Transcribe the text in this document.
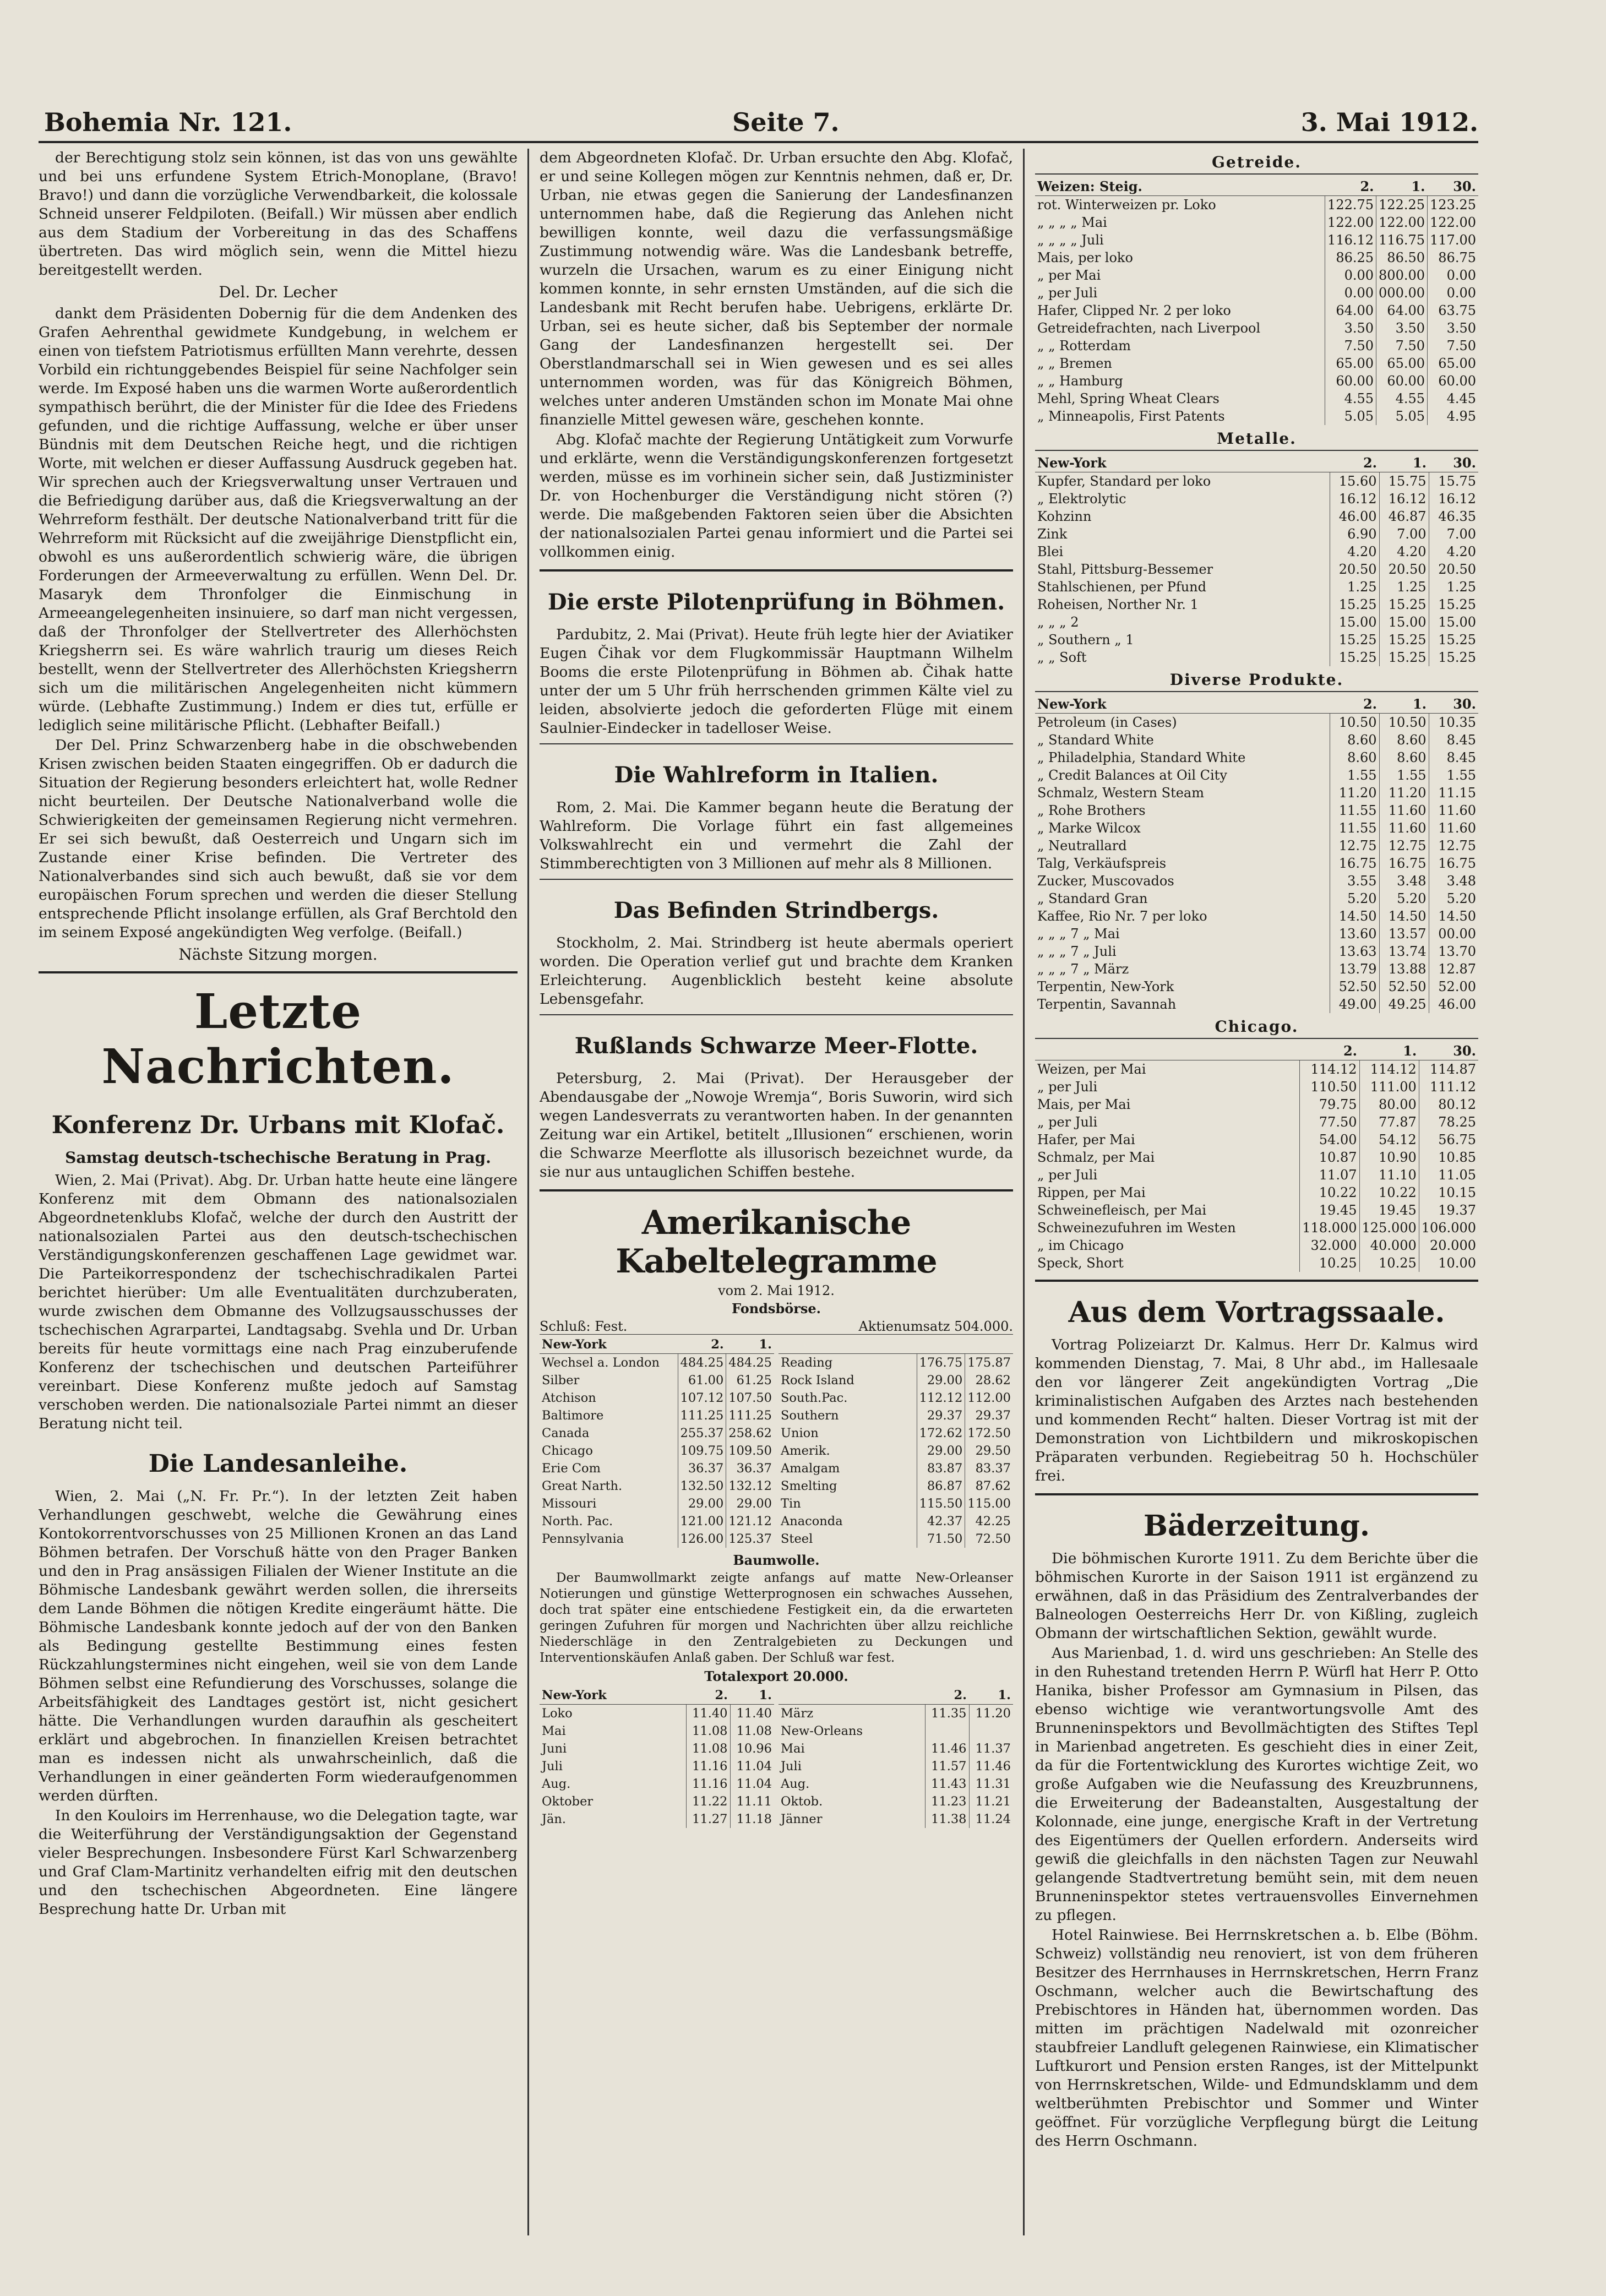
Bohemia Nr. 121.	Seite 7.	3. Mai 1912.

der Berechtigung stolz sein können, ist das von uns gewählte und bei uns erfundene System Etrich-Monoplane, (Bravo! Bravo!) und dann die vorzügliche Verwendbarkeit, die kolossale Schneid unserer Feldpiloten. (Beifall.) Wir müssen aber endlich aus dem Stadium der Vorbereitung in das des Schaffens übertreten. Das wird möglich sein, wenn die Mittel hiezu bereitgestellt werden.

Del. Dr. Lecher

dankt dem Präsidenten Dobernig für die dem Andenken des Grafen Aehrenthal gewidmete Kundgebung, in welchem er einen von tiefstem Patriotismus erfüllten Mann verehrte, dessen Vorbild ein richtunggebendes Beispiel für seine Nachfolger sein werde. Im Exposé haben uns die warmen Worte außerordentlich sympathisch berührt, die der Minister für die Idee des Friedens gefunden, und die richtige Auffassung, welche er über unser Bündnis mit dem Deutschen Reiche hegt, und die richtigen Worte, mit welchen er dieser Auffassung Ausdruck gegeben hat. Wir sprechen auch der Kriegsverwaltung unser Vertrauen und die Befriedigung darüber aus, daß die Kriegsverwaltung an der Wehrreform festhält. Der deutsche Nationalverband tritt für die Wehrreform mit Rücksicht auf die zweijährige Dienstpflicht ein, obwohl es uns außerordentlich schwierig wäre, die übrigen Forderungen der Armeeverwaltung zu erfüllen. Wenn Del. Dr. Masaryk dem Thronfolger die Einmischung in Armeeangelegenheiten insinuiere, so darf man nicht vergessen, daß der Thronfolger der Stellvertreter des Allerhöchsten Kriegsherrn sei. Es wäre wahrlich traurig um dieses Reich bestellt, wenn der Stellvertreter des Allerhöchsten Kriegsherrn sich um die militärischen Angelegenheiten nicht kümmern würde. (Lebhafte Zustimmung.) Indem er dies tut, erfülle er lediglich seine militärische Pflicht. (Lebhafter Beifall.)

Der Del. Prinz Schwarzenberg habe in die obschwebenden Krisen zwischen beiden Staaten eingegriffen. Ob er dadurch die Situation der Regierung besonders erleichtert hat, wolle Redner nicht beurteilen. Der Deutsche Nationalverband wolle die Schwierigkeiten der gemeinsamen Regierung nicht vermehren. Er sei sich bewußt, daß Oesterreich und Ungarn sich im Zustande einer Krise befinden. Die Vertreter des Nationalverbandes sind sich auch bewußt, daß sie vor dem europäischen Forum sprechen und werden die dieser Stellung entsprechende Pflicht insolange erfüllen, als Graf Berchtold den im seinem Exposé angekündigten Weg verfolge. (Beifall.)

Nächste Sitzung morgen.
Letzte Nachrichten.
Konferenz Dr. Urbans mit Klofač.
Samstag deutsch-tschechische Beratung in Prag.

Wien, 2. Mai (Privat). Abg. Dr. Urban hatte heute eine längere Konferenz mit dem Obmann des nationalsozialen Abgeordnetenklubs Klofač, welche der durch den Austritt der nationalsozialen Partei aus den deutsch-tschechischen Verständigungskonferenzen geschaffenen Lage gewidmet war. Die Parteikorrespondenz der tschechischradikalen Partei berichtet hierüber: Um alle Eventualitäten durchzuberaten, wurde zwischen dem Obmanne des Vollzugsausschusses der tschechischen Agrarpartei, Landtagsabg. Svehla und Dr. Urban bereits für heute vormittags eine nach Prag einzuberufende Konferenz der tschechischen und deutschen Parteiführer vereinbart. Diese Konferenz mußte jedoch auf Samstag verschoben werden. Die nationalsoziale Partei nimmt an dieser Beratung nicht teil.

Die Landesanleihe.

Wien, 2. Mai („N. Fr. Pr.“). In der letzten Zeit haben Verhandlungen geschwebt, welche die Gewährung eines Kontokorrentvorschusses von 25 Millionen Kronen an das Land Böhmen betrafen. Der Vorschuß hätte von den Prager Banken und den in Prag ansässigen Filialen der Wiener Institute an die Böhmische Landesbank gewährt werden sollen, die ihrerseits dem Lande Böhmen die nötigen Kredite eingeräumt hätte. Die Böhmische Landesbank konnte jedoch auf der von den Banken als Bedingung gestellte Bestimmung eines festen Rückzahlungstermines nicht eingehen, weil sie von dem Lande Böhmen selbst eine Refundierung des Vorschusses, solange die Arbeitsfähigkeit des Landtages gestört ist, nicht gesichert hätte. Die Verhandlungen wurden daraufhin als gescheitert erklärt und abgebrochen. In finanziellen Kreisen betrachtet man es indessen nicht als unwahrscheinlich, daß die Verhandlungen in einer geänderten Form wiederaufgenommen werden dürften.

In den Kouloirs im Herrenhause, wo die Delegation tagte, war die Weiterführung der Verständigungsaktion der Gegenstand vieler Besprechungen. Insbesondere Fürst Karl Schwarzenberg und Graf Clam-Martinitz verhandelten eifrig mit den deutschen und den tschechischen Abgeordneten. Eine längere Besprechung hatte Dr. Urban mit

dem Abgeordneten Klofač. Dr. Urban ersuchte den Abg. Klofač, er und seine Kollegen mögen zur Kenntnis nehmen, daß er, Dr. Urban, nie etwas gegen die Sanierung der Landesfinanzen unternommen habe, daß die Regierung das Anlehen nicht bewilligen konnte, weil dazu die verfassungsmäßige Zustimmung notwendig wäre. Was die Landesbank betreffe, wurzeln die Ursachen, warum es zu einer Einigung nicht kommen konnte, in sehr ernsten Umständen, auf die sich die Landesbank mit Recht berufen habe. Uebrigens, erklärte Dr. Urban, sei es heute sicher, daß bis September der normale Gang der Landesfinanzen hergestellt sei. Der Oberstlandmarschall sei in Wien gewesen und es sei alles unternommen worden, was für das Königreich Böhmen, welches unter anderen Umständen schon im Monate Mai ohne finanzielle Mittel gewesen wäre, geschehen konnte.

Abg. Klofač machte der Regierung Untätigkeit zum Vorwurfe und erklärte, wenn die Verständigungskonferenzen fortgesetzt werden, müsse es im vorhinein sicher sein, daß Justizminister Dr. von Hochenburger die Verständigung nicht stören (?) werde. Die maßgebenden Faktoren seien über die Absichten der nationalsozialen Partei genau informiert und die Partei sei vollkommen einig.

Die erste Pilotenprüfung in Böhmen.

Pardubitz, 2. Mai (Privat). Heute früh legte hier der Aviatiker Eugen Čihak vor dem Flugkommissär Hauptmann Wilhelm Booms die erste Pilotenprüfung in Böhmen ab. Čihak hatte unter der um 5 Uhr früh herrschenden grimmen Kälte viel zu leiden, absolvierte jedoch die geforderten Flüge mit einem Saulnier-Eindecker in tadelloser Weise.

Die Wahlreform in Italien.

Rom, 2. Mai. Die Kammer begann heute die Beratung der Wahlreform. Die Vorlage führt ein fast allgemeines Volkswahlrecht ein und vermehrt die Zahl der Stimmberechtigten von 3 Millionen auf mehr als 8 Millionen.

Das Befinden Strindbergs.

Stockholm, 2. Mai. Strindberg ist heute abermals operiert worden. Die Operation verlief gut und brachte dem Kranken Erleichterung. Augenblicklich besteht keine absolute Lebensgefahr.

Rußlands Schwarze Meer-Flotte.

Petersburg, 2. Mai (Privat). Der Herausgeber der Abendausgabe der „Nowoje Wremja“, Boris Suworin, wird sich wegen Landesverrats zu verantworten haben. In der genannten Zeitung war ein Artikel, betitelt „Illusionen“ erschienen, worin die Schwarze Meerflotte als illusorisch bezeichnet wurde, da sie nur aus untauglichen Schiffen bestehe.

Amerikanische Kabeltelegramme
vom 2. Mai 1912.
Fondsbörse.
Schluß: Fest.	Aktienumsatz 504.000.
New-York	2.	1.
Wechsel a. London	484.25	484.25
Silber	61.00	61.25
Atchison	107.12	107.50
Baltimore	111.25	111.25
Canada	255.37	258.62
Chicago	109.75	109.50
Erie Com	36.37	36.37
Great Narth.	132.50	132.12
Missouri	29.00	29.00
North. Pac.	121.00	121.12
Pennsylvania	126.00	125.37

Reading	176.75	175.87
Rock Island	29.00	28.62
South.Pac.	112.12	112.00
Southern	29.37	29.37
Union	172.62	172.50
Amerik.	29.00	29.50
Amalgam	83.87	83.37
Smelting	86.87	87.62
Tin	115.50	115.00
Anaconda	42.37	42.25
Steel	71.50	72.50
Baumwolle.

Der Baumwollmarkt zeigte anfangs auf matte New-Orleanser Notierungen und günstige Wetterprognosen ein schwaches Aussehen, doch trat später eine entschiedene Festigkeit ein, da die erwarteten geringen Zufuhren für morgen und Nachrichten über allzu reichliche Niederschläge in den Zentralgebieten zu Deckungen und Interventionskäufen Anlaß gaben. Der Schluß war fest.

Totalexport 20.000.
New-York	2.	1.
Loko	11.40	11.40
Mai	11.08	11.08
Juni	11.08	10.96
Juli	11.16	11.04
Aug.	11.16	11.04
Oktober	11.22	11.11
Jän.	11.27	11.18
	2.	1.
März	11.35	11.20
New-Orleans		
Mai	11.46	11.37
Juli	11.57	11.46
Aug.	11.43	11.31
Oktob.	11.23	11.21
Jänner	11.38	11.24
Getreide.
Weizen: Steig.	2.	1.	30.
rot. Winterweizen pr. Loko	122.75	122.25	123.25
„ „ „ „ Mai	122.00	122.00	122.00
„ „ „ „ Juli	116.12	116.75	117.00
Mais, per loko	86.25	86.50	86.75
„ per Mai	0.00	800.00	0.00
„ per Juli	0.00	000.00	0.00
Hafer, Clipped Nr. 2 per loko	64.00	64.00	63.75
Getreidefrachten, nach Liverpool	3.50	3.50	3.50
„ „ Rotterdam	7.50	7.50	7.50
„ „ Bremen	65.00	65.00	65.00
„ „ Hamburg	60.00	60.00	60.00
Mehl, Spring Wheat Clears	4.55	4.55	4.45
„ Minneapolis, First Patents	5.05	5.05	4.95
Metalle.
New-York	2.	1.	30.
Kupfer, Standard per loko	15.60	15.75	15.75
„ Elektrolytic	16.12	16.12	16.12
Kohzinn	46.00	46.87	46.35
Zink	6.90	7.00	7.00
Blei	4.20	4.20	4.20
Stahl, Pittsburg-Bessemer	20.50	20.50	20.50
Stahlschienen, per Pfund	1.25	1.25	1.25
Roheisen, Norther Nr. 1	15.25	15.25	15.25
„ „ „ 2	15.00	15.00	15.00
„ Southern „ 1	15.25	15.25	15.25
„ „ Soft	15.25	15.25	15.25
Diverse Produkte.
New-York	2.	1.	30.
Petroleum (in Cases)	10.50	10.50	10.35
„ Standard White	8.60	8.60	8.45
„ Philadelphia, Standard White	8.60	8.60	8.45
„ Credit Balances at Oil City	1.55	1.55	1.55
Schmalz, Western Steam	11.20	11.20	11.15
„ Rohe Brothers	11.55	11.60	11.60
„ Marke Wilcox	11.55	11.60	11.60
„ Neutrallard	12.75	12.75	12.75
Talg, Verkäufspreis	16.75	16.75	16.75
Zucker, Muscovados	3.55	3.48	3.48
„ Standard Gran	5.20	5.20	5.20
Kaffee, Rio Nr. 7 per loko	14.50	14.50	14.50
„ „ „ 7 „ Mai	13.60	13.57	00.00
„ „ „ 7 „ Juli	13.63	13.74	13.70
„ „ „ 7 „ März	13.79	13.88	12.87
Terpentin, New-York	52.50	52.50	52.00
Terpentin, Savannah	49.00	49.25	46.00
Chicago.
	2.	1.	30.
Weizen, per Mai	114.12	114.12	114.87
„ per Juli	110.50	111.00	111.12
Mais, per Mai	79.75	80.00	80.12
„ per Juli	77.50	77.87	78.25
Hafer, per Mai	54.00	54.12	56.75
Schmalz, per Mai	10.87	10.90	10.85
„ per Juli	11.07	11.10	11.05
Rippen, per Mai	10.22	10.22	10.15
Schweinefleisch, per Mai	19.45	19.45	19.37
Schweinezufuhren im Westen	118.000	125.000	106.000
„ im Chicago	32.000	40.000	20.000
Speck, Short	10.25	10.25	10.00
Aus dem Vortragssaale.

Vortrag Polizeiarzt Dr. Kalmus. Herr Dr. Kalmus wird kommenden Dienstag, 7. Mai, 8 Uhr abd., im Hallesaale den vor längerer Zeit angekündigten Vortrag „Die kriminalistischen Aufgaben des Arztes nach bestehenden und kommenden Recht“ halten. Dieser Vortrag ist mit der Demonstration von Lichtbildern und mikroskopischen Präparaten verbunden. Regiebeitrag 50 h. Hochschüler frei.

Bäderzeitung.

Die böhmischen Kurorte 1911. Zu dem Berichte über die böhmischen Kurorte in der Saison 1911 ist ergänzend zu erwähnen, daß in das Präsidium des Zentralverbandes der Balneologen Oesterreichs Herr Dr. von Kißling, zugleich Obmann der wirtschaftlichen Sektion, gewählt wurde.

Aus Marienbad, 1. d. wird uns geschrieben: An Stelle des in den Ruhestand tretenden Herrn P. Würfl hat Herr P. Otto Hanika, bisher Professor am Gymnasium in Pilsen, das ebenso wichtige wie verantwortungsvolle Amt des Brunneninspektors und Bevollmächtigten des Stiftes Tepl in Marienbad angetreten. Es geschieht dies in einer Zeit, da für die Fortentwicklung des Kurortes wichtige Zeit, wo große Aufgaben wie die Neufassung des Kreuzbrunnens, die Erweiterung der Badeanstalten, Ausgestaltung der Kolonnade, eine junge, energische Kraft in der Vertretung des Eigentümers der Quellen erfordern. Anderseits wird gewiß die gleichfalls in den nächsten Tagen zur Neuwahl gelangende Stadtvertretung bemüht sein, mit dem neuen Brunneninspektor stetes vertrauensvolles Einvernehmen zu pflegen.

Hotel Rainwiese. Bei Herrnskretschen a. b. Elbe (Böhm. Schweiz) vollständig neu renoviert, ist von dem früheren Besitzer des Herrnhauses in Herrnskretschen, Herrn Franz Oschmann, welcher auch die Bewirtschaftung des Prebischtores in Händen hat, übernommen worden. Das mitten im prächtigen Nadelwald mit ozonreicher staubfreier Landluft gelegenen Rainwiese, ein Klimatischer Luftkurort und Pension ersten Ranges, ist der Mittelpunkt von Herrnskretschen, Wilde- und Edmundsklamm und dem weltberühmten Prebischtor und Sommer und Winter geöffnet. Für vorzügliche Verpflegung bürgt die Leitung des Herrn Oschmann.
